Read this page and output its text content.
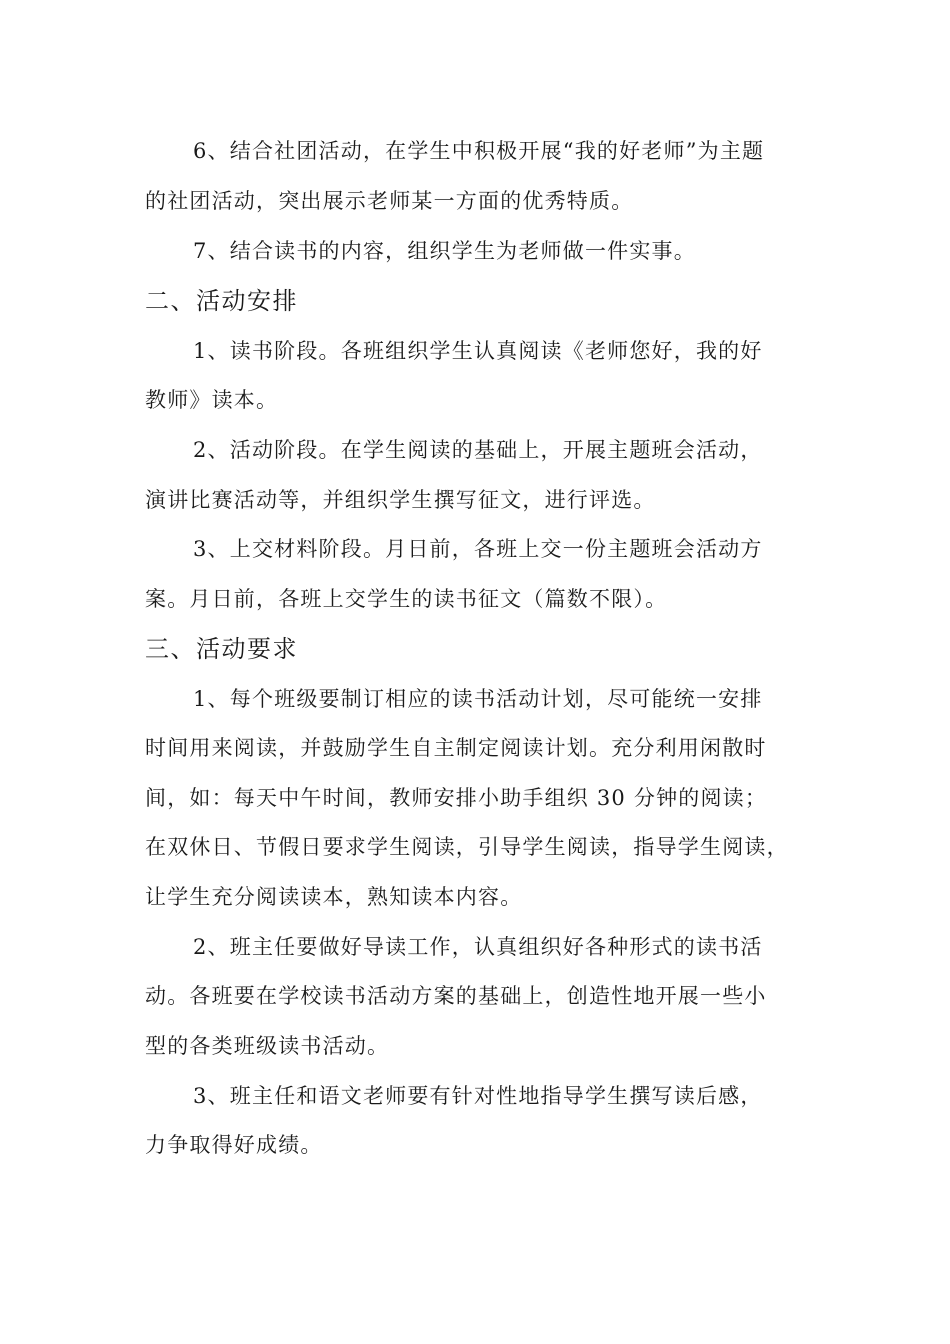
6、结合社团活动，在学生中积极开展“我的好老师”为主题
的社团活动，突出展示老师某一方面的优秀特质。
7、结合读书的内容，组织学生为老师做一件实事。
二、活动安排
1、读书阶段。各班组织学生认真阅读《老师您好，我的好
教师》读本。
2、活动阶段。在学生阅读的基础上，开展主题班会活动，
演讲比赛活动等，并组织学生撰写征文，进行评选。
3、上交材料阶段。月日前，各班上交一份主题班会活动方
案。月日前，各班上交学生的读书征文（篇数不限）。
三、活动要求
1、每个班级要制订相应的读书活动计划，尽可能统一安排
时间用来阅读，并鼓励学生自主制定阅读计划。充分利用闲散时
间，如：每天中午时间，教师安排小助手组织 30 分钟的阅读；
在双休日、节假日要求学生阅读，引导学生阅读，指导学生阅读，
让学生充分阅读读本，熟知读本内容。
2、班主任要做好导读工作，认真组织好各种形式的读书活
动。各班要在学校读书活动方案的基础上，创造性地开展一些小
型的各类班级读书活动。
3、班主任和语文老师要有针对性地指导学生撰写读后感，
力争取得好成绩。
